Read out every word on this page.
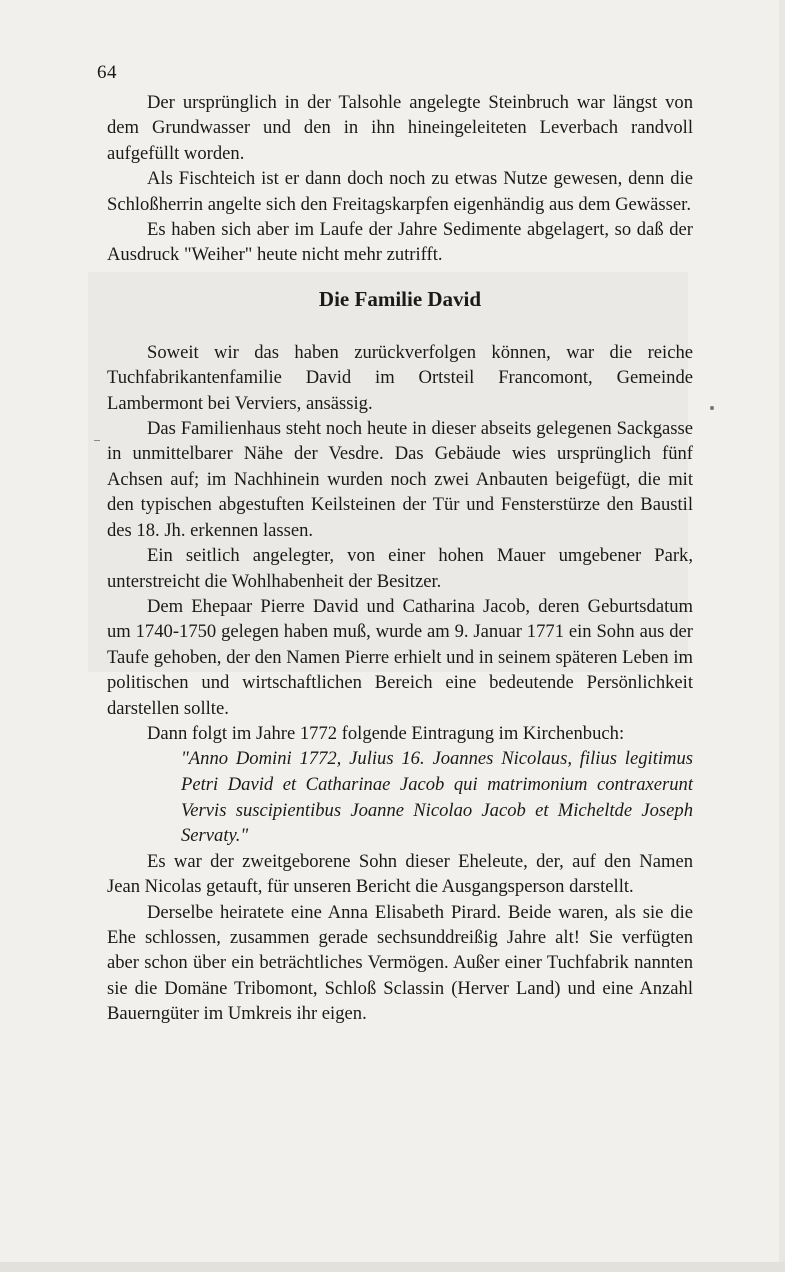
64

Der ursprünglich in der Talsohle angelegte Steinbruch war längst von dem Grundwasser und den in ihn hineingeleiteten Leverbach randvoll aufgefüllt worden.

Als Fischteich ist er dann doch noch zu etwas Nutze gewesen, denn die Schloßherrin angelte sich den Freitagskarpfen eigenhändig aus dem Gewässer.

Es haben sich aber im Laufe der Jahre Sedimente abgelagert, so daß der Ausdruck "Weiher" heute nicht mehr zutrifft.

Die Familie David

Soweit wir das haben zurückverfolgen können, war die reiche Tuchfabrikantenfamilie David im Ortsteil Francomont, Gemeinde Lambermont bei Verviers, ansässig.

Das Familienhaus steht noch heute in dieser abseits gelegenen Sackgasse in unmittelbarer Nähe der Vesdre. Das Gebäude wies ursprünglich fünf Achsen auf; im Nachhinein wurden noch zwei Anbauten beigefügt, die mit den typischen abgestuften Keilsteinen der Tür und Fensterstürze den Baustil des 18. Jh. erkennen lassen.

Ein seitlich angelegter, von einer hohen Mauer umgebener Park, unterstreicht die Wohlhabenheit der Besitzer.

Dem Ehepaar Pierre David und Catharina Jacob, deren Geburtsdatum um 1740-1750 gelegen haben muß, wurde am 9. Januar 1771 ein Sohn aus der Taufe gehoben, der den Namen Pierre erhielt und in seinem späteren Leben im politischen und wirtschaftlichen Bereich eine bedeutende Persönlichkeit darstellen sollte.

Dann folgt im Jahre 1772 folgende Eintragung im Kirchenbuch:

"Anno Domini 1772, Julius 16. Joannes Nicolaus, filius legitimus Petri David et Catharinae Jacob qui matrimonium contraxerunt Vervis suscipientibus Joanne Nicolao Jacob et Micheltde Joseph Servaty."

Es war der zweitgeborene Sohn dieser Eheleute, der, auf den Namen Jean Nicolas getauft, für unseren Bericht die Ausgangsperson darstellt.

Derselbe heiratete eine Anna Elisabeth Pirard. Beide waren, als sie die Ehe schlossen, zusammen gerade sechsunddreißig Jahre alt! Sie verfügten aber schon über ein beträchtliches Vermögen. Außer einer Tuchfabrik nannten sie die Domäne Tribomont, Schloß Sclassin (Herver Land) und eine Anzahl Bauerngüter im Umkreis ihr eigen.
